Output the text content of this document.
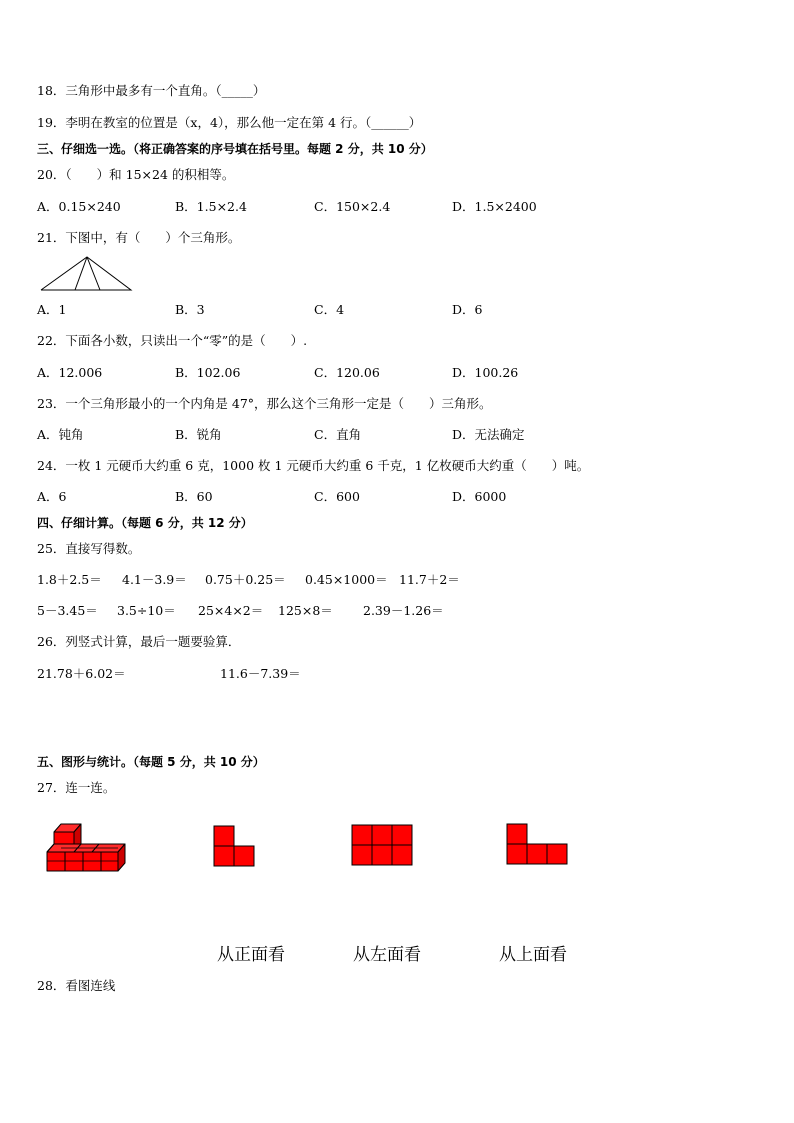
18．三角形中最多有一个直角。（_____）
19．李明在教室的位置是（x，4），那么他一定在第 4 行。（______）
三、仔细选一选。（将正确答案的序号填在括号里。每题 2 分，共 10 分）
20．（　　）和 15×24 的积相等。
A．0.15×240	B．1.5×2.4	C．150×2.4	D．1.5×2400
21．下图中，有（　　）个三角形。
A．1	B．3	C．4	D．6
22．下面各小数，只读出一个“零”的是（　　）.
A．12.006	B．102.06	C．120.06	D．100.26
23．一个三角形最小的一个内角是 47°，那么这个三角形一定是（　　）三角形。
A．钝角	B．锐角	C．直角	D．无法确定
24．一枚 1 元硬币大约重 6 克，1000 枚 1 元硬币大约重 6 千克，1 亿枚硬币大约重（　　）吨。
A．6	B．60	C．600	D．6000
四、仔细计算。（每题 6 分，共 12 分）
25．直接写得数。
1.8＋2.5＝ 4.1－3.9＝ 0.75＋0.25＝ 0.45×1000＝ 11.7＋2＝
5－3.45＝ 3.5÷10＝ 25×4×2＝ 125×8＝ 2.39－1.26＝
26．列竖式计算，最后一题要验算．
21.78＋6.02＝	11.6－7.39＝
五、图形与统计。（每题 5 分，共 10 分）
27．连一连。
从正面看	从左面看	从上面看
28．看图连线
